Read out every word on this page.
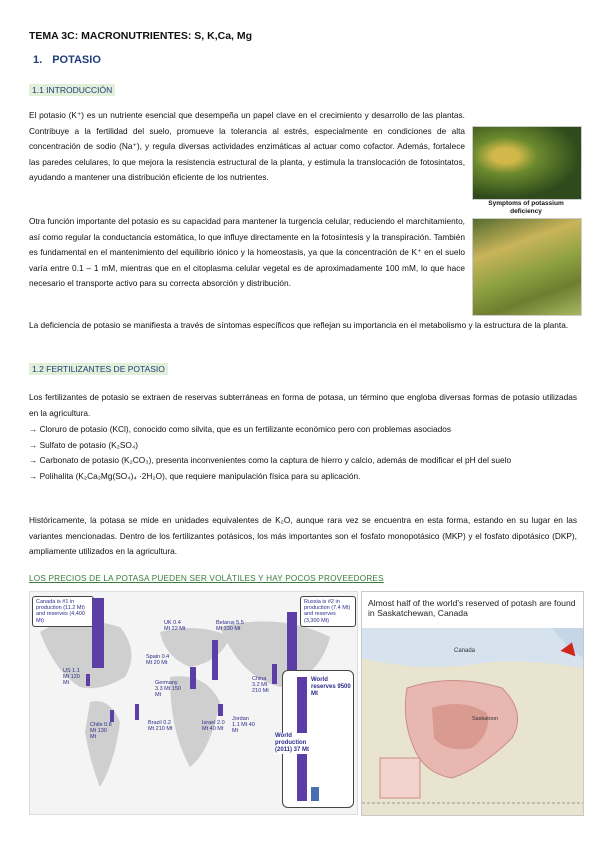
TEMA 3C: MACRONUTRIENTES: S, K,Ca, Mg
1. POTASIO
1.1 INTRODUCCIÓN
El potasio (K⁺) es un nutriente esencial que desempeña un papel clave en el crecimiento y desarrollo de las plantas. Contribuye a la fertilidad del suelo, promueve la tolerancia al estrés, especialmente en condiciones de alta concentración de sodio (Na⁺), y regula diversas actividades enzimáticas al actuar como cofactor. Además, fortalece las paredes celulares, lo que mejora la resistencia estructural de la planta, y estimula la translocación de fotosintatos, ayudando a mantener una distribución eficiente de los nutrientes.
Otra función importante del potasio es su capacidad para mantener la turgencia celular, reduciendo el marchitamiento, así como regular la conductancia estomática, lo que influye directamente en la fotosíntesis y la transpiración. También es fundamental en el mantenimiento del equilibrio iónico y la homeostasis, ya que la concentración de K⁺ en el suelo varía entre 0.1 – 1 mM, mientras que en el citoplasma celular vegetal es de aproximadamente 100 mM, lo que hace necesario el transporte activo para su correcta absorción y distribución.
Symptoms of potassium deficiency
La deficiencia de potasio se manifiesta a través de síntomas específicos que reflejan su importancia en el metabolismo y la estructura de la planta.
1.2 FERTILIZANTES DE POTASIO
Los fertilizantes de potasio se extraen de reservas subterráneas en forma de potasa, un término que engloba diversas formas de potasio utilizadas en la agricultura.
→ Cloruro de potasio (KCl), conocido como silvita, que es un fertilizante económico pero con problemas asociados
→ Sulfato de potasio (K₂SO₄)
→ Carbonato de potasio (K₂CO₃), presenta inconvenientes como la captura de hierro y calcio, además de modificar el pH del suelo
→ Polihalita (K₂Ca₂Mg(SO₄)₄ ·2H₂O), que requiere manipulación física para su aplicación.
Históricamente, la potasa se mide en unidades equivalentes de K₂O, aunque rara vez se encuentra en esta forma, estando en su lugar en las variantes mencionadas. Dentro de los fertilizantes potásicos, los más importantes son el fosfato monopotásico (MKP) y el fosfato dipotásico (DKP), ampliamente utilizados en la agricultura.
LOS PRECIOS DE LA POTASA PUEDEN SER VOLÁTILES Y HAY POCOS PROVEEDORES
Canada is #1 in production (11.2 Mt) and reserves (4,400 Mt)
US 1.1 Mt 120 Mt
Chile 0.8 Mt 130 Mt
UK 0.4 Mt 22 Mt
Spain 0.4 Mt 20 Mt
Germany 3.3 Mt 150 Mt
Brazil 0.2 Mt 210 Mt
Israel 2.0 Mt 40 Mt
Jordan 1.1 Mt 40 Mt
Belarus 5.5 Mt 330 Mt
Russia is #2 in production (7.4 Mt) and reserves (3,300 Mt)
China 3.2 Mt 210 Mt
World reserves 9500 Mt
World production (2011) 37 Mt
Almost half of the world's reserved of potash are found in Saskatchewan, Canada
Canada
Saskatoon
